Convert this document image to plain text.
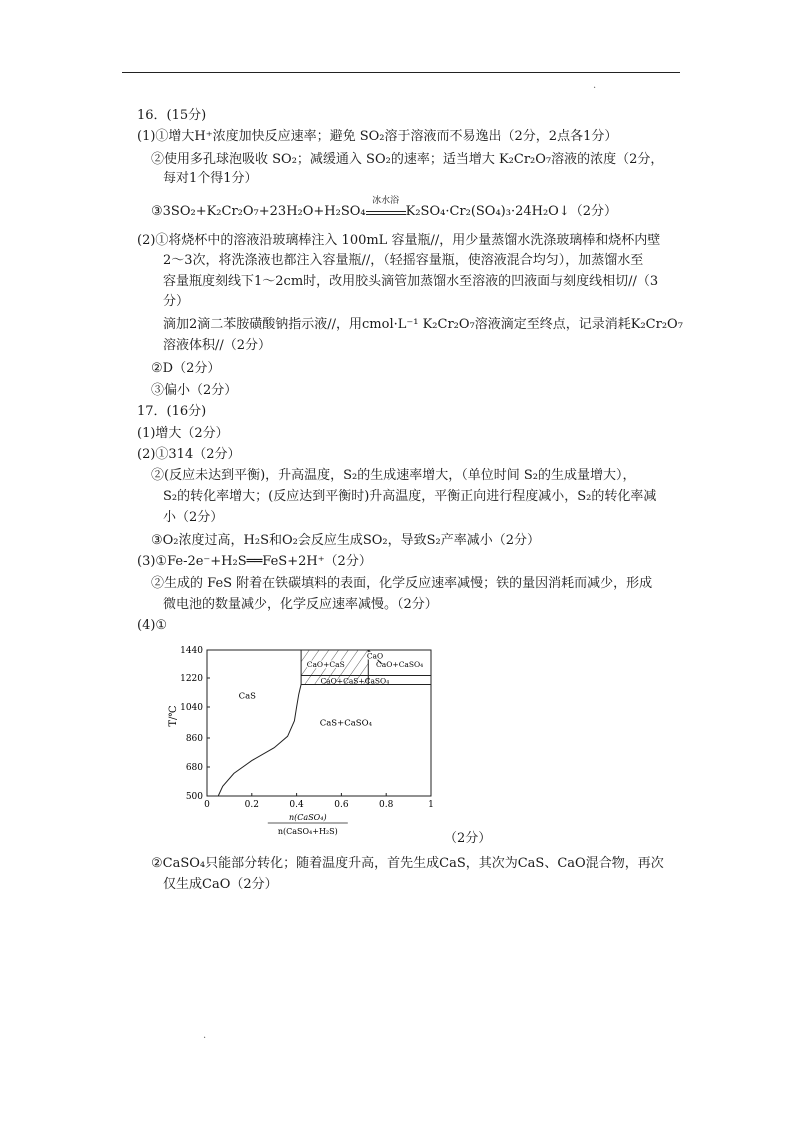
.
16．(15分)
(1)①增大H⁺浓度加快反应速率；避免 SO₂溶于溶液而不易逸出（2分，2点各1分）
②使用多孔球泡吸收 SO₂；减缓通入 SO₂的速率；适当增大 K₂Cr₂O₇溶液的浓度（2分，
每对1个得1分）
③3SO₂+K₂Cr₂O₇+23H₂O+H₂SO₄
冰水浴
K₂SO₄·Cr₂(SO₄)₃·24H₂O↓（2分）
(2)①将烧杯中的溶液沿玻璃棒注入 100mL 容量瓶//，用少量蒸馏水洗涤玻璃棒和烧杯内壁
2～3次，将洗涤液也都注入容量瓶//，（轻摇容量瓶，使溶液混合均匀），加蒸馏水至
容量瓶度刻线下1～2cm时，改用胶头滴管加蒸馏水至溶液的凹液面与刻度线相切//（3
分）
滴加2滴二苯胺磺酸钠指示液//，用cmol·L⁻¹ K₂Cr₂O₇溶液滴定至终点，记录消耗K₂Cr₂O₇
溶液体积//（2分）
②D（2分）
③偏小（2分）
17．(16分)
(1)增大（2分）
(2)①314（2分）
②(反应未达到平衡)，升高温度，S₂的生成速率增大，（单位时间 S₂的生成量增大），
S₂的转化率增大；(反应达到平衡时)升高温度，平衡正向进行程度减小，S₂的转化率减
小（2分）
③O₂浓度过高，H₂S和O₂会反应生成SO₂，导致S₂产率减小（2分）
(3)①Fe-2e⁻+H₂S══FeS+2H⁺（2分）
②生成的 FeS 附着在铁碳填料的表面，化学反应速率减慢；铁的量因消耗而减少，形成
微电池的数量减少，化学反应速率减慢。（2分）
(4)①
500
680
860
1040
1220
1440
0	0.2	0.4	0.6	0.8	1
T/℃
n(CaSO₄)
n(CaSO₄+H₂S)
CaS
CaS+CaSO₄
CaO+CaS
CaO
CaO+CaSO₄
CaO+CaS+CaSO₄
（2分）
②CaSO₄只能部分转化；随着温度升高，首先生成CaS，其次为CaS、CaO混合物，再次
仅生成CaO（2分）
.
